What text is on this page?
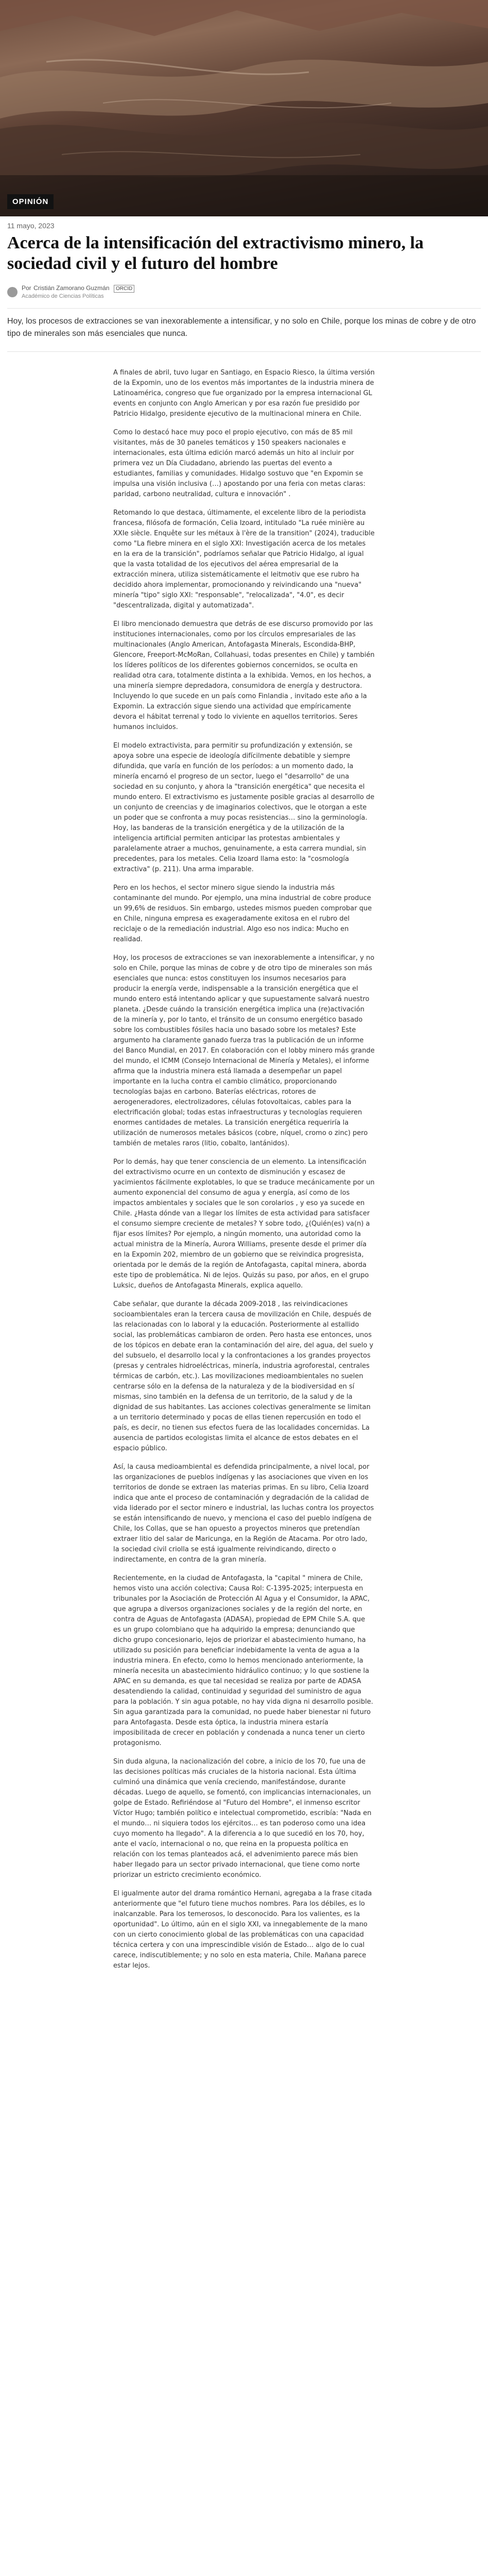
OPINIÓN
11 mayo, 2023
Acerca de la intensificación del extractivismo minero, la sociedad civil y el futuro del hombre
Por Cristián Zamorano Guzmán ORCID
Académico de Ciencias Políticas

Hoy, los procesos de extracciones se van inexorablemente a intensificar, y no solo en Chile, porque los minas de cobre y de otro tipo de minerales son más esenciales que nunca.

A finales de abril, tuvo lugar en Santiago, en Espacio Riesco, la última versión de la Expomin, uno de los eventos más importantes de la industria minera de Latinoamérica, congreso que fue organizado por la empresa internacional GL events en conjunto con Anglo American y por esa razón fue presidido por Patricio Hidalgo, presidente ejecutivo de la multinacional minera en Chile.

Como lo destacó hace muy poco el propio ejecutivo, con más de 85 mil visitantes, más de 30 paneles temáticos y 150 speakers nacionales e internacionales, esta última edición marcó además un hito al incluir por primera vez un Día Ciudadano, abriendo las puertas del evento a estudiantes, familias y comunidades. Hidalgo sostuvo que "en Expomin se impulsa una visión inclusiva (…) apostando por una feria con metas claras: paridad, carbono neutralidad, cultura e innovación" .

Retomando lo que destaca, últimamente, el excelente libro de la periodista francesa, filósofa de formación, Celia Izoard, intitulado "La ruée minière au XXIe siècle. Enquête sur les métaux à l'ère de la transition" (2024), traducible como "La fiebre minera en el siglo XXI: Investigación acerca de los metales en la era de la transición", podríamos señalar que Patricio Hidalgo, al igual que la vasta totalidad de los ejecutivos del aérea empresarial de la extracción minera, utiliza sistemáticamente el leitmotiv que ese rubro ha decidido ahora implementar, promocionando y reivindicando una "nueva" minería "tipo" siglo XXI: "responsable", "relocalizada", "4.0", es decir "descentralizada, digital y automatizada".

El libro mencionado demuestra que detrás de ese discurso promovido por las instituciones internacionales, como por los círculos empresariales de las multinacionales (Anglo American, Antofagasta Minerals, Escondida-BHP, Glencore, Freeport-McMoRan, Collahuasi, todas presentes en Chile) y también los líderes políticos de los diferentes gobiernos concernidos, se oculta en realidad otra cara, totalmente distinta a la exhibida. Vemos, en los hechos, a una minería siempre depredadora, consumidora de energía y destructora. Incluyendo lo que sucede en un país como Finlandia , invitado este año a la Expomin. La extracción sigue siendo una actividad que empíricamente devora el hábitat terrenal y todo lo viviente en aquellos territorios. Seres humanos incluidos.

El modelo extractivista, para permitir su profundización y extensión, se apoya sobre una especie de ideología difícilmente debatible y siempre difundida, que varía en función de los períodos: a un momento dado, la minería encarnó el progreso de un sector, luego el "desarrollo" de una sociedad en su conjunto, y ahora la "transición energética" que necesita el mundo entero. El extractivismo es justamente posible gracias al desarrollo de un conjunto de creencias y de imaginarios colectivos, que le otorgan a este un poder que se confronta a muy pocas resistencias… sino la germinología. Hoy, las banderas de la transición energética y de la utilización de la inteligencia artificial permiten anticipar las protestas ambientales y paralelamente atraer a muchos, genuinamente, a esta carrera mundial, sin precedentes, para los metales. Celia Izoard llama esto: la "cosmología extractiva" (p. 211). Una arma imparable.

Pero en los hechos, el sector minero sigue siendo la industria más contaminante del mundo. Por ejemplo, una mina industrial de cobre produce un 99,6% de residuos. Sin embargo, ustedes mismos pueden comprobar que en Chile, ninguna empresa es exageradamente exitosa en el rubro del reciclaje o de la remediación industrial. Algo eso nos indica: Mucho en realidad.

Hoy, los procesos de extracciones se van inexorablemente a intensificar, y no solo en Chile, porque las minas de cobre y de otro tipo de minerales son más esenciales que nunca: estos constituyen los insumos necesarios para producir la energía verde, indispensable a la transición energética que el mundo entero está intentando aplicar y que supuestamente salvará nuestro planeta. ¿Desde cuándo la transición energética implica una (re)activación de la minería y, por lo tanto, el tránsito de un consumo energético basado sobre los combustibles fósiles hacia uno basado sobre los metales? Este argumento ha claramente ganado fuerza tras la publicación de un informe del Banco Mundial, en 2017. En colaboración con el lobby minero más grande del mundo, el ICMM (Consejo Internacional de Minería y Metales), el informe afirma que la industria minera está llamada a desempeñar un papel importante en la lucha contra el cambio climático, proporcionando tecnologías bajas en carbono. Baterías eléctricas, rotores de aerogeneradores, electrolizadores, células fotovoltaicas, cables para la electrificación global; todas estas infraestructuras y tecnologías requieren enormes cantidades de metales. La transición energética requeriría la utilización de numerosos metales básicos (cobre, níquel, cromo o zinc) pero también de metales raros (litio, cobalto, lantánidos).

Por lo demás, hay que tener consciencia de un elemento. La intensificación del extractivismo ocurre en un contexto de disminución y escasez de yacimientos fácilmente explotables, lo que se traduce mecánicamente por un aumento exponencial del consumo de agua y energía, así como de los impactos ambientales y sociales que le son corolarios , y eso ya sucede en Chile. ¿Hasta dónde van a llegar los límites de esta actividad para satisfacer el consumo siempre creciente de metales? Y sobre todo, ¿(Quién(es) va(n) a fijar esos límites? Por ejemplo, a ningún momento, una autoridad como la actual ministra de la Minería, Aurora Williams, presente desde el primer día en la Expomin 202, miembro de un gobierno que se reivindica progresista, orientada por le demás de la región de Antofagasta, capital minera, aborda este tipo de problemática. Ni de lejos. Quizás su paso, por años, en el grupo Luksic, dueños de Antofagasta Minerals, explica aquello.

Cabe señalar, que durante la década 2009-2018 , las reivindicaciones socioambientales eran la tercera causa de movilización en Chile, después de las relacionadas con lo laboral y la educación. Posteriormente al estallido social, las problemáticas cambiaron de orden. Pero hasta ese entonces, unos de los tópicos en debate eran la contaminación del aire, del agua, del suelo y del subsuelo, el desarrollo local y la confrontaciones a los grandes proyectos (presas y centrales hidroeléctricas, minería, industria agroforestal, centrales térmicas de carbón, etc.). Las movilizaciones medioambientales no suelen centrarse sólo en la defensa de la naturaleza y de la biodiversidad en sí mismas, sino también en la defensa de un territorio, de la salud y de la dignidad de sus habitantes. Las acciones colectivas generalmente se limitan a un territorio determinado y pocas de ellas tienen repercusión en todo el país, es decir, no tienen sus efectos fuera de las localidades concernidas. La ausencia de partidos ecologistas limita el alcance de estos debates en el espacio público.

Así, la causa medioambiental es defendida principalmente, a nivel local, por las organizaciones de pueblos indígenas y las asociaciones que viven en los territorios de donde se extraen las materias primas. En su libro, Celia Izoard indica que ante el proceso de contaminación y degradación de la calidad de vida liderado por el sector minero e industrial, las luchas contra los proyectos se están intensificando de nuevo, y menciona el caso del pueblo indígena de Chile, los Collas, que se han opuesto a proyectos mineros que pretendían extraer litio del salar de Maricunga, en la Región de Atacama. Por otro lado, la sociedad civil criolla se está igualmente reivindicando, directo o indirectamente, en contra de la gran minería.

Recientemente, en la ciudad de Antofagasta, la "capital " minera de Chile, hemos visto una acción colectiva; Causa Rol: C-1395-2025; interpuesta en tribunales por la Asociación de Protección Al Agua y el Consumidor, la APAC, que agrupa a diversos organizaciones sociales y de la región del norte, en contra de Aguas de Antofagasta (ADASA), propiedad de EPM Chile S.A. que es un grupo colombiano que ha adquirido la empresa; denunciando que dicho grupo concesionario, lejos de priorizar el abastecimiento humano, ha utilizado su posición para beneficiar indebidamente la venta de agua a la industria minera. En efecto, como lo hemos mencionado anteriormente, la minería necesita un abastecimiento hidráulico continuo; y lo que sostiene la APAC en su demanda, es que tal necesidad se realiza por parte de ADASA desatendiendo la calidad, continuidad y seguridad del suministro de agua para la población. Y sin agua potable, no hay vida digna ni desarrollo posible. Sin agua garantizada para la comunidad, no puede haber bienestar ni futuro para Antofagasta. Desde esta óptica, la industria minera estaría imposibilitada de crecer en población y condenada a nunca tener un cierto protagonismo.

Sin duda alguna, la nacionalización del cobre, a inicio de los 70, fue una de las decisiones políticas más cruciales de la historia nacional. Esta última culminó una dinámica que venía creciendo, manifestándose, durante décadas. Luego de aquello, se fomentó, con implicancias internacionales, un golpe de Estado. Refiriéndose al "Futuro del Hombre", el inmenso escritor Víctor Hugo; también político e intelectual comprometido, escribía: "Nada en el mundo… ni siquiera todos los ejércitos… es tan poderoso como una idea cuyo momento ha llegado". A la diferencia a lo que sucedió en los 70, hoy, ante el vacío, internacional o no, que reina en la propuesta política en relación con los temas planteados acá, el advenimiento parece más bien haber llegado para un sector privado internacional, que tiene como norte priorizar un estricto crecimiento económico.

El igualmente autor del drama romántico Hernani, agregaba a la frase citada anteriormente que "el futuro tiene muchos nombres. Para los débiles, es lo inalcanzable. Para los temerosos, lo desconocido. Para los valientes, es la oportunidad". Lo último, aún en el siglo XXI, va innegablemente de la mano con un cierto conocimiento global de las problemáticas con una capacidad técnica certera y con una imprescindible visión de Estado… algo de lo cual carece, indiscutiblemente; y no solo en esta materia, Chile. Mañana parece estar lejos.
